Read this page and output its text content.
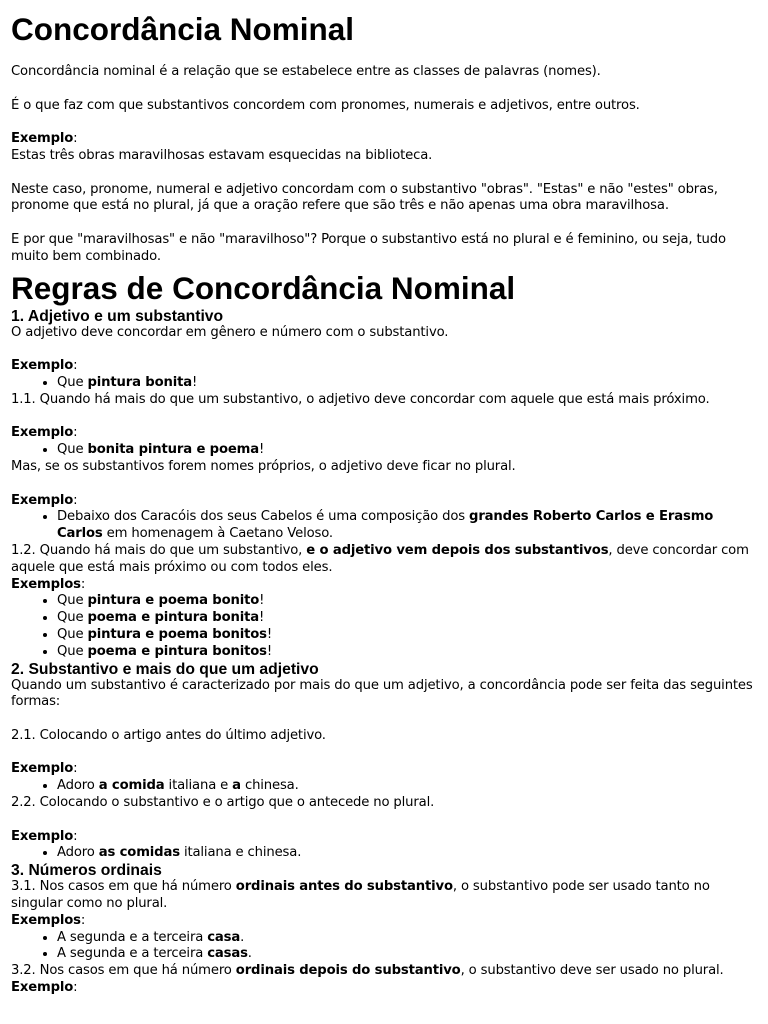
Concordância Nominal

Concordância nominal é a relação que se estabelece entre as classes de palavras (nomes).

É o que faz com que substantivos concordem com pronomes, numerais e adjetivos, entre outros.

Exemplo:

Estas três obras maravilhosas estavam esquecidas na biblioteca.

Neste caso, pronome, numeral e adjetivo concordam com o substantivo "obras". "Estas" e não "estes" obras, pronome que está no plural, já que a oração refere que são três e não apenas uma obra maravilhosa.

E por que "maravilhosas" e não "maravilhoso"? Porque o substantivo está no plural e é feminino, ou seja, tudo muito bem combinado.

Regras de Concordância Nominal
1. Adjetivo e um substantivo

O adjetivo deve concordar em gênero e número com o substantivo.

Exemplo:

• Que pintura bonita!

1.1. Quando há mais do que um substantivo, o adjetivo deve concordar com aquele que está mais próximo.

Exemplo:

• Que bonita pintura e poema!

Mas, se os substantivos forem nomes próprios, o adjetivo deve ficar no plural.

Exemplo:

• Debaixo dos Caracóis dos seus Cabelos é uma composição dos grandes Roberto Carlos e Erasmo Carlos em homenagem à Caetano Veloso.

1.2. Quando há mais do que um substantivo, e o adjetivo vem depois dos substantivos, deve concordar com aquele que está mais próximo ou com todos eles.

Exemplos:

• Que pintura e poema bonito!
• Que poema e pintura bonita!
• Que pintura e poema bonitos!
• Que poema e pintura bonitos!
2. Substantivo e mais do que um adjetivo

Quando um substantivo é caracterizado por mais do que um adjetivo, a concordância pode ser feita das seguintes formas:

2.1. Colocando o artigo antes do último adjetivo.

Exemplo:

• Adoro a comida italiana e a chinesa.

2.2. Colocando o substantivo e o artigo que o antecede no plural.

Exemplo:

• Adoro as comidas italiana e chinesa.
3. Números ordinais

3.1. Nos casos em que há número ordinais antes do substantivo, o substantivo pode ser usado tanto no singular como no plural.

Exemplos:

• A segunda e a terceira casa.
• A segunda e a terceira casas.

3.2. Nos casos em que há número ordinais depois do substantivo, o substantivo deve ser usado no plural.

Exemplo:
